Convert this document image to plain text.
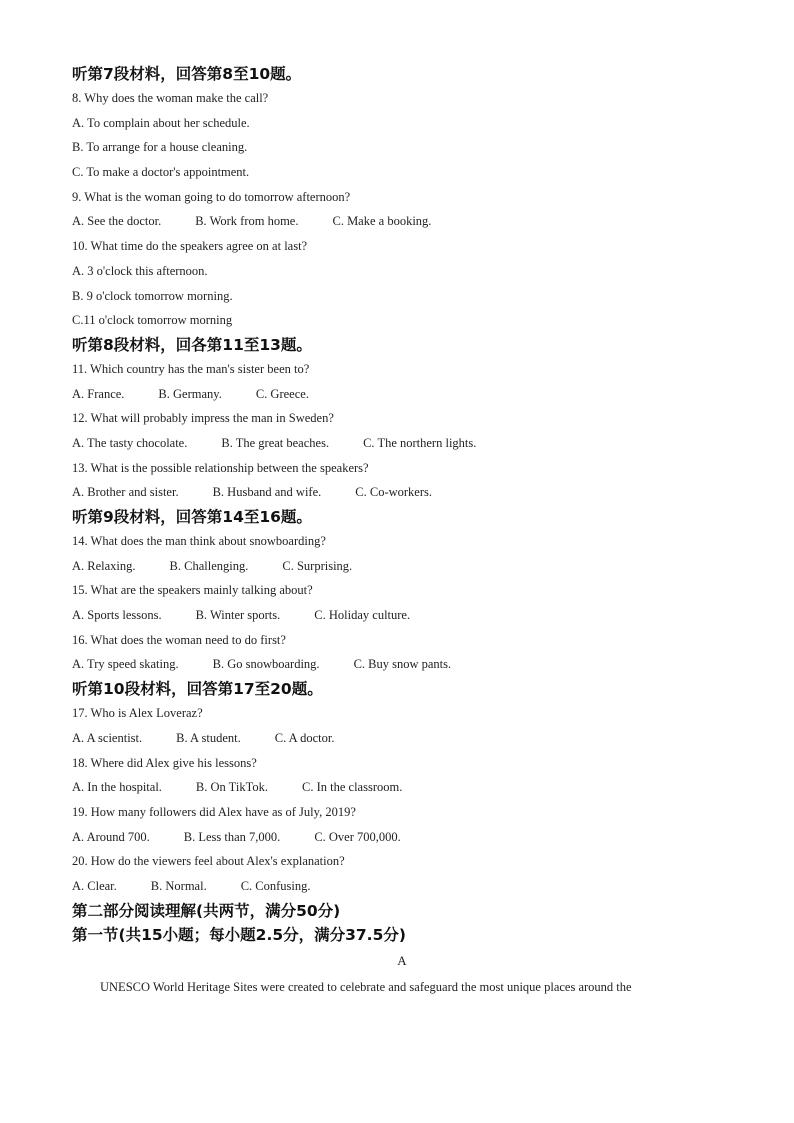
听第7段材料，回答第8至10题。
8. Why does the woman make the call?
A. To complain about her schedule.
B. To arrange for a house cleaning.
C. To make a doctor's appointment.
9. What is the woman going to do tomorrow afternoon?
A. See the doctor.	B. Work from home.	C. Make a booking.
10. What time do the speakers agree on at last?
A. 3 o'clock this afternoon.
B. 9 o'clock tomorrow morning.
C.11 o'clock tomorrow morning
听第8段材料，回各第11至13题。
11. Which country has the man's sister been to?
A. France.	B. Germany.	C. Greece.
12. What will probably impress the man in Sweden?
A. The tasty chocolate.	B. The great beaches.	C. The northern lights.
13. What is the possible relationship between the speakers?
A. Brother and sister.	B. Husband and wife.	C. Co-workers.
听第9段材料，回答第14至16题。
14. What does the man think about snowboarding?
A. Relaxing.	B. Challenging.	C. Surprising.
15. What are the speakers mainly talking about?
A. Sports lessons.	B. Winter sports.	C. Holiday culture.
16. What does the woman need to do first?
A. Try speed skating.	B. Go snowboarding.	C. Buy snow pants.
听第10段材料，回答第17至20题。
17. Who is Alex Loveraz?
A. A scientist.	B. A student.	C. A doctor.
18. Where did Alex give his lessons?
A. In the hospital.	B. On TikTok.	C. In the classroom.
19. How many followers did Alex have as of July, 2019?
A. Around 700.	B. Less than 7,000.	C. Over 700,000.
20. How do the viewers feel about Alex's explanation?
A. Clear.	B. Normal.	C. Confusing.
第二部分阅读理解(共两节，满分50分)
第一节(共15小题；每小题2.5分，满分37.5分)
A
UNESCO World Heritage Sites were created to celebrate and safeguard the most unique places around the
